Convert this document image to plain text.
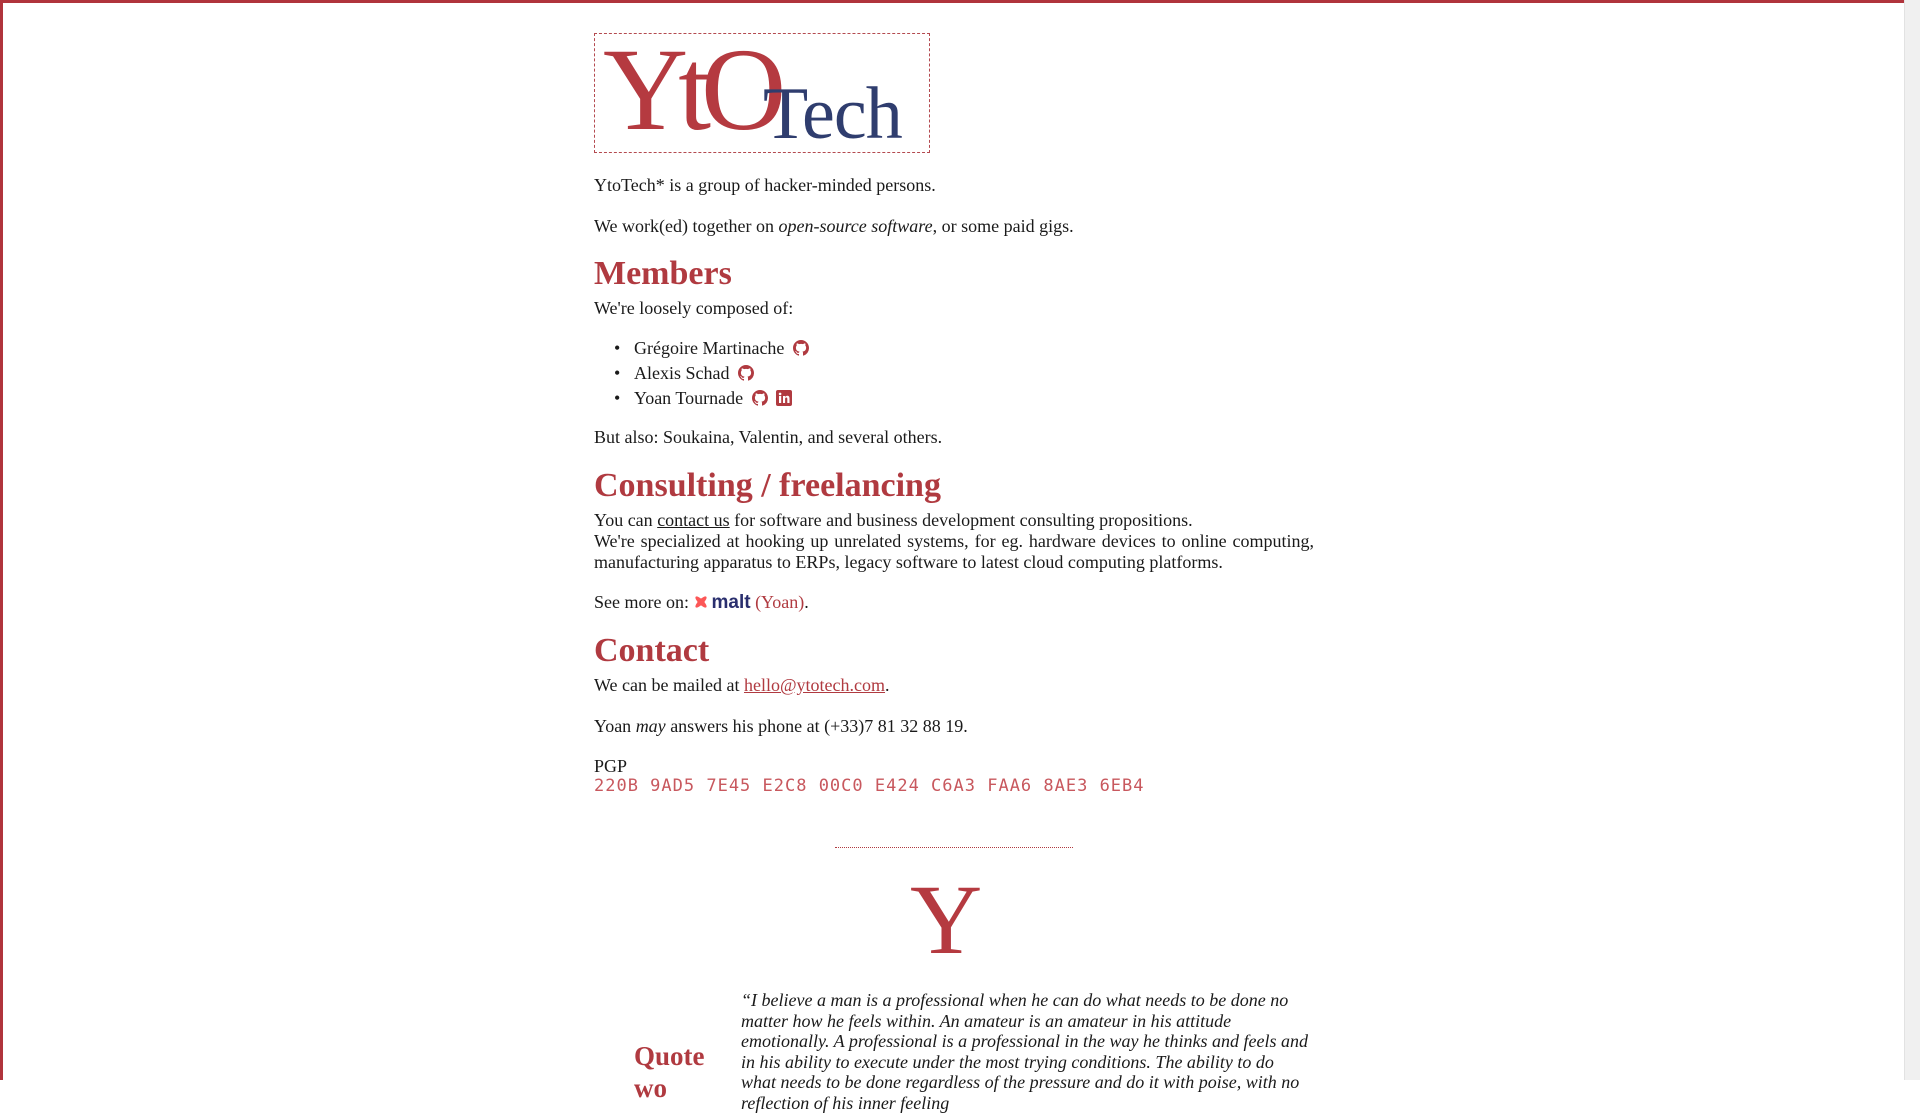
YtO
Tech

YtoTech* is a group of hacker-minded persons.

We work(ed) together on open-source software, or some paid gigs.

Members

We're loosely composed of:

• Grégoire Martinache
• Alexis Schad
• Yoan Tournade

But also: Soukaina, Valentin, and several others.

Consulting / freelancing

You can contact us for software and business development consulting propositions.

We're specialized at hooking up unrelated systems, for eg. hardware devices to online computing, manufacturing apparatus to ERPs, legacy software to latest cloud computing platforms.

See more on: malt (Yoan).

Contact

We can be mailed at hello@ytotech.com.

Yoan may answers his phone at (+33)7 81 32 88 19.

PGP

220B 9AD5 7E45 E2C8 00C0 E424 C6A3 FAA6 8AE3 6EB4
Y
Quote
wo

“I believe a man is a professional when he can do what needs to be done no matter how he feels within. An amateur is an amateur in his attitude emotionally. A professional is a professional in the way he thinks and feels and in his ability to execute under the most trying conditions. The ability to do what needs to be done regardless of the pressure and do it with poise, with no reflection of his inner feeling
